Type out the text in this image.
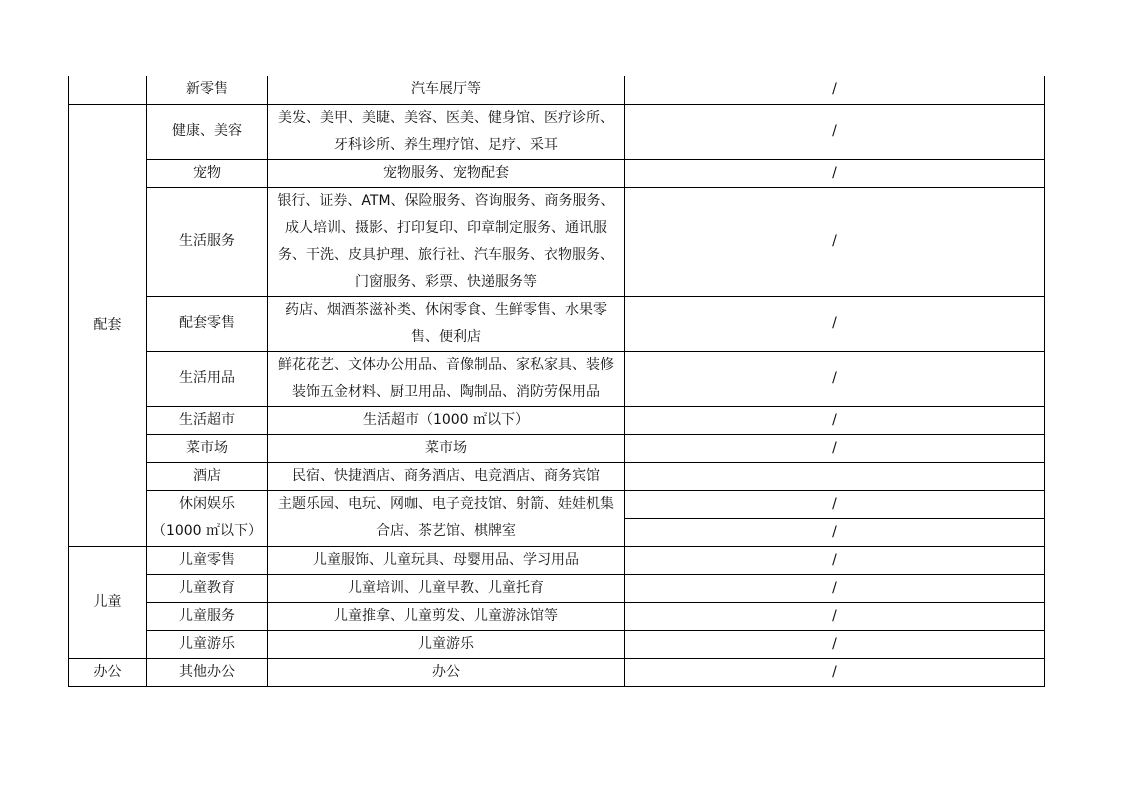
	新零售	汽车展厅等	/
配套	健康、美容	美发、美甲、美睫、美容、医美、健身馆、医疗诊所、牙科诊所、养生理疗馆、足疗、采耳	/
	宠物	宠物服务、宠物配套	/
	生活服务	银行、证券、ATM、保险服务、咨询服务、商务服务、成人培训、摄影、打印复印、印章制定服务、通讯服务、干洗、皮具护理、旅行社、汽车服务、衣物服务、门窗服务、彩票、快递服务等	/
	配套零售	药店、烟酒茶滋补类、休闲零食、生鲜零售、水果零售、便利店	/
	生活用品	鲜花花艺、文体办公用品、音像制品、家私家具、装修装饰五金材料、厨卫用品、陶制品、消防劳保用品	/
	生活超市	生活超市（1000 ㎡以下）	/
	菜市场	菜市场	/
	酒店	民宿、快捷酒店、商务酒店、电竞酒店、商务宾馆	
	休闲娱乐	主题乐园、电玩、网咖、电子竞技馆、射箭、娃娃机集合店、茶艺馆、棋牌室	/
	（1000 ㎡以下）		/
儿童	儿童零售	儿童服饰、儿童玩具、母婴用品、学习用品	/
	儿童教育	儿童培训、儿童早教、儿童托育	/
	儿童服务	儿童推拿、儿童剪发、儿童游泳馆等	/
	儿童游乐	儿童游乐	/
办公	其他办公	办公	/
